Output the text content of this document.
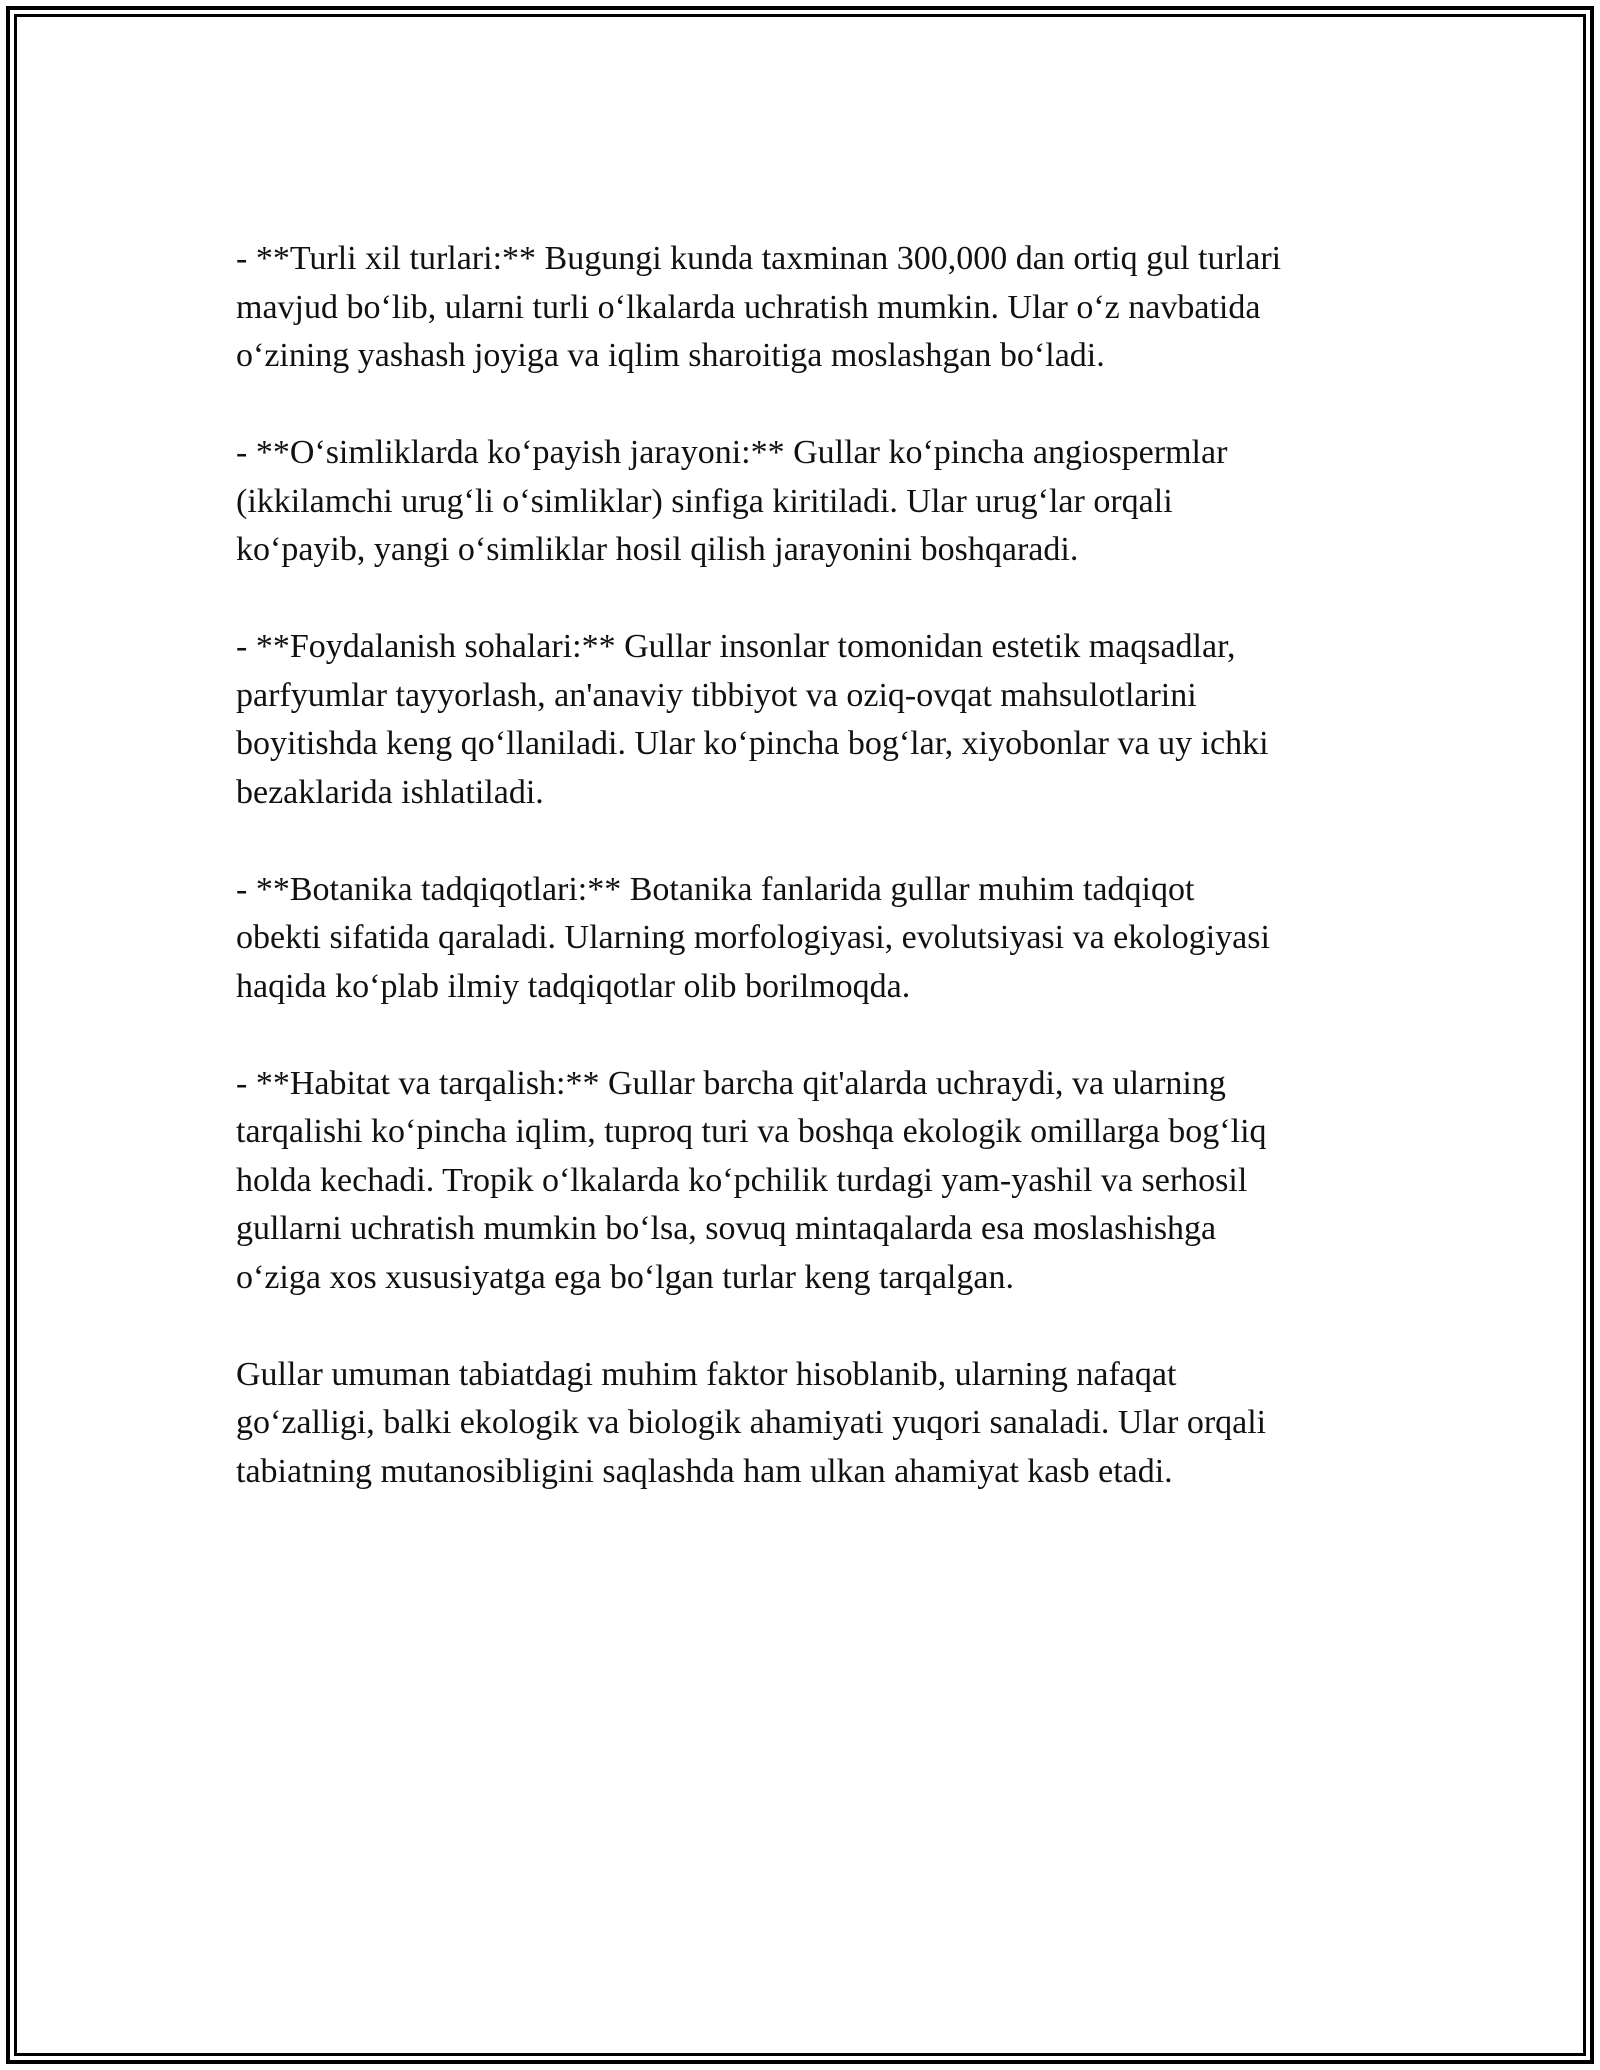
- **Turli xil turlari:** Bugungi kunda taxminan 300,000 dan ortiq gul turlari
mavjud bo‘lib, ularni turli o‘lkalarda uchratish mumkin. Ular o‘z navbatida
o‘zining yashash joyiga va iqlim sharoitiga moslashgan bo‘ladi.

- **O‘simliklarda ko‘payish jarayoni:** Gullar ko‘pincha angiospermlar
(ikkilamchi urug‘li o‘simliklar) sinfiga kiritiladi. Ular urug‘lar orqali
ko‘payib, yangi o‘simliklar hosil qilish jarayonini boshqaradi.

- **Foydalanish sohalari:** Gullar insonlar tomonidan estetik maqsadlar,
parfyumlar tayyorlash, an'anaviy tibbiyot va oziq-ovqat mahsulotlarini
boyitishda keng qo‘llaniladi. Ular ko‘pincha bog‘lar, xiyobonlar va uy ichki
bezaklarida ishlatiladi.

- **Botanika tadqiqotlari:** Botanika fanlarida gullar muhim tadqiqot
obekti sifatida qaraladi. Ularning morfologiyasi, evolutsiyasi va ekologiyasi
haqida ko‘plab ilmiy tadqiqotlar olib borilmoqda.

- **Habitat va tarqalish:** Gullar barcha qit'alarda uchraydi, va ularning
tarqalishi ko‘pincha iqlim, tuproq turi va boshqa ekologik omillarga bog‘liq
holda kechadi. Tropik o‘lkalarda ko‘pchilik turdagi yam-yashil va serhosil
gullarni uchratish mumkin bo‘lsa, sovuq mintaqalarda esa moslashishga
o‘ziga xos xususiyatga ega bo‘lgan turlar keng tarqalgan.

Gullar umuman tabiatdagi muhim faktor hisoblanib, ularning nafaqat
go‘zalligi, balki ekologik va biologik ahamiyati yuqori sanaladi. Ular orqali
tabiatning mutanosibligini saqlashda ham ulkan ahamiyat kasb etadi.
